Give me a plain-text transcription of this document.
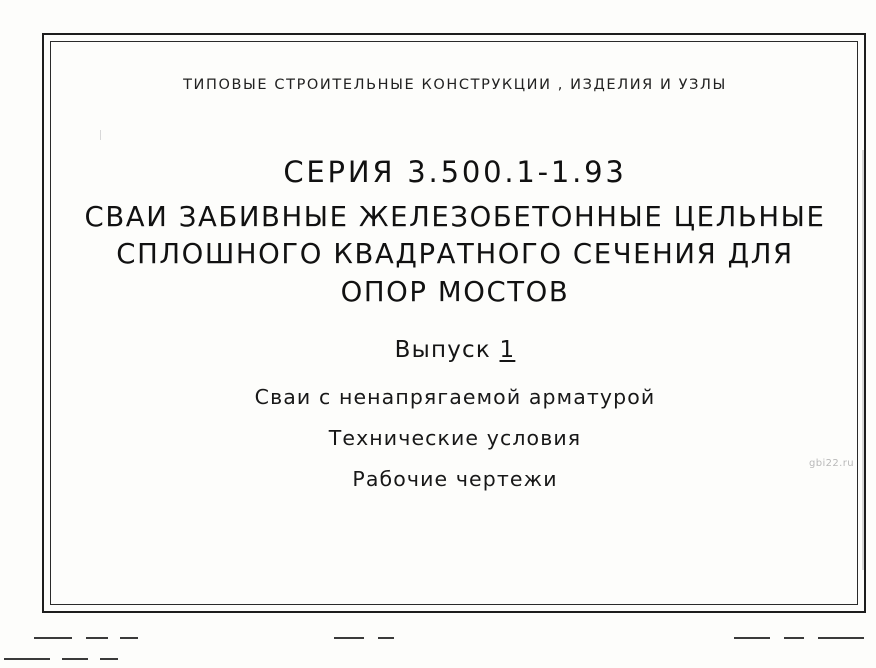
ТИПОВЫЕ СТРОИТЕЛЬНЫЕ КОНСТРУКЦИИ , ИЗДЕЛИЯ И УЗЛЫ
СЕРИЯ 3.500.1-1.93
СВАИ ЗАБИВНЫЕ ЖЕЛЕЗОБЕТОННЫЕ ЦЕЛЬНЫЕ
СПЛОШНОГО КВАДРАТНОГО СЕЧЕНИЯ ДЛЯ
ОПОР МОСТОВ
Выпуск 1
Сваи с ненапрягаемой арматурой
Технические условия
Рабочие чертежи
gbi22.ru
